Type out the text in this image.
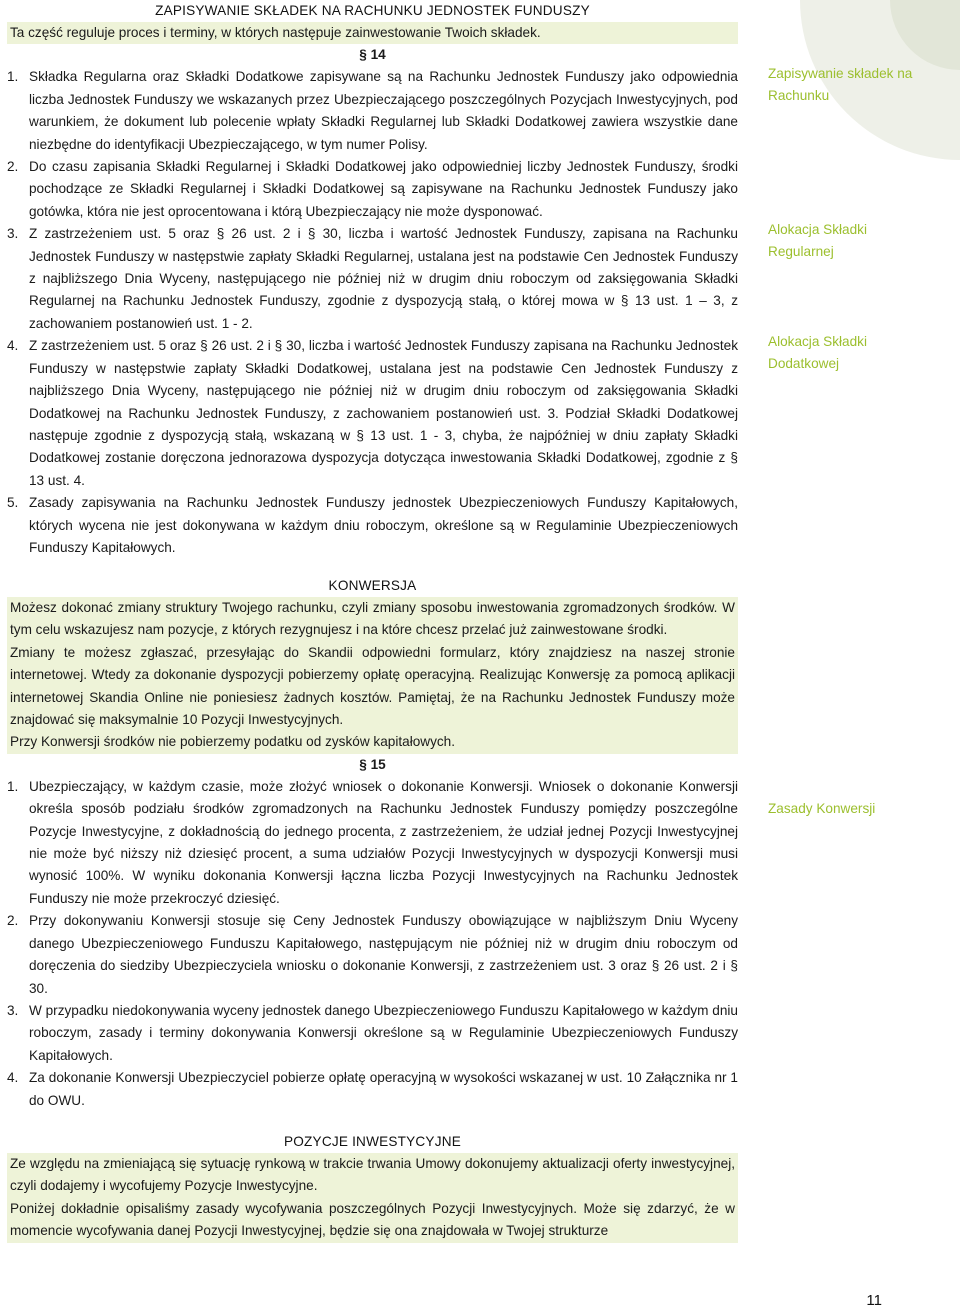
ZAPISYWANIE SKŁADEK NA RACHUNKU JEDNOSTEK FUNDUSZY

Ta część reguluje proces i terminy, w których następuje zainwestowanie Twoich składek.

§ 14
1. Składka Regularna oraz Składki Dodatkowe zapisywane są na Rachunku Jednostek Funduszy jako odpowiednia liczba Jednostek Funduszy we wskazanych przez Ubezpieczającego poszczególnych Pozycjach Inwestycyjnych, pod warunkiem, że dokument lub polecenie wpłaty Składki Regularnej lub Składki Dodatkowej zawiera wszystkie dane niezbędne do identyfikacji Ubezpieczającego, w tym numer Polisy.
2. Do czasu zapisania Składki Regularnej i Składki Dodatkowej jako odpowiedniej liczby Jednostek Funduszy, środki pochodzące ze Składki Regularnej i Składki Dodatkowej są zapisywane na Rachunku Jednostek Funduszy jako gotówka, która nie jest oprocentowana i którą Ubezpieczający nie może dysponować.
3. Z zastrzeżeniem ust. 5 oraz § 26 ust. 2 i § 30, liczba i wartość Jednostek Funduszy, zapisana na Rachunku Jednostek Funduszy w następstwie zapłaty Składki Regularnej, ustalana jest na podstawie Cen Jednostek Funduszy z najbliższego Dnia Wyceny, następującego nie później niż w drugim dniu roboczym od zaksięgowania Składki Regularnej na Rachunku Jednostek Funduszy, zgodnie z dyspozycją stałą, o której mowa w § 13 ust. 1 – 3, z zachowaniem postanowień ust. 1 - 2.
4. Z zastrzeżeniem ust. 5 oraz § 26 ust. 2 i § 30, liczba i wartość Jednostek Funduszy zapisana na Rachunku Jednostek Funduszy w następstwie zapłaty Składki Dodatkowej, ustalana jest na podstawie Cen Jednostek Funduszy z najbliższego Dnia Wyceny, następującego nie później niż w drugim dniu roboczym od zaksięgowania Składki Dodatkowej na Rachunku Jednostek Funduszy, z zachowaniem postanowień ust. 3. Podział Składki Dodatkowej następuje zgodnie z dyspozycją stałą, wskazaną w § 13 ust. 1 - 3, chyba, że najpóźniej w dniu zapłaty Składki Dodatkowej zostanie doręczona jednorazowa dyspozycja dotycząca inwestowania Składki Dodatkowej, zgodnie z § 13 ust. 4.
5. Zasady zapisywania na Rachunku Jednostek Funduszy jednostek Ubezpieczeniowych Funduszy Kapitałowych, których wycena nie jest dokonywana w każdym dniu roboczym, określone są w Regulaminie Ubezpieczeniowych Funduszy Kapitałowych.
Zapisywanie składek na Rachunku
Alokacja Składki Regularnej
Alokacja Składki Dodatkowej
KONWERSJA

Możesz dokonać zmiany struktury Twojego rachunku, czyli zmiany sposobu inwestowania zgromadzonych środków. W tym celu wskazujesz nam pozycje, z których rezygnujesz i na które chcesz przelać już zainwestowane środki.

Zmiany te możesz zgłaszać, przesyłając do Skandii odpowiedni formularz, który znajdziesz na naszej stronie internetowej. Wtedy za dokonanie dyspozycji pobierzemy opłatę operacyjną. Realizując Konwersję za pomocą aplikacji internetowej Skandia Online nie poniesiesz żadnych kosztów. Pamiętaj, że na Rachunku Jednostek Funduszy może znajdować się maksymalnie 10 Pozycji Inwestycyjnych.

Przy Konwersji środków nie pobierzemy podatku od zysków kapitałowych.

§ 15
1. Ubezpieczający, w każdym czasie, może złożyć wniosek o dokonanie Konwersji. Wniosek o dokonanie Konwersji określa sposób podziału środków zgromadzonych na Rachunku Jednostek Funduszy pomiędzy poszczególne Pozycje Inwestycyjne, z dokładnością do jednego procenta, z zastrzeżeniem, że udział jednej Pozycji Inwestycyjnej nie może być niższy niż dziesięć procent, a suma udziałów Pozycji Inwestycyjnych w dyspozycji Konwersji musi wynosić 100%. W wyniku dokonania Konwersji łączna liczba Pozycji Inwestycyjnych na Rachunku Jednostek Funduszy nie może przekroczyć dziesięć.
2. Przy dokonywaniu Konwersji stosuje się Ceny Jednostek Funduszy obowiązujące w najbliższym Dniu Wyceny danego Ubezpieczeniowego Funduszu Kapitałowego, następującym nie później niż w drugim dniu roboczym od doręczenia do siedziby Ubezpieczyciela wniosku o dokonanie Konwersji, z zastrzeżeniem ust. 3 oraz § 26 ust. 2 i § 30.
3. W przypadku niedokonywania wyceny jednostek danego Ubezpieczeniowego Funduszu Kapitałowego w każdym dniu roboczym, zasady i terminy dokonywania Konwersji określone są w Regulaminie Ubezpieczeniowych Funduszy Kapitałowych.
4. Za dokonanie Konwersji Ubezpieczyciel pobierze opłatę operacyjną w wysokości wskazanej w ust. 10 Załącznika nr 1 do OWU.
Zasady Konwersji
POZYCJE INWESTYCYJNE

Ze względu na zmieniającą się sytuację rynkową w trakcie trwania Umowy dokonujemy aktualizacji oferty inwestycyjnej, czyli dodajemy i wycofujemy Pozycje Inwestycyjne.

Poniżej dokładnie opisaliśmy zasady wycofywania poszczególnych Pozycji Inwestycyjnych. Może się zdarzyć, że w momencie wycofywania danej Pozycji Inwestycyjnej, będzie się ona znajdowała w Twojej strukturze

11
